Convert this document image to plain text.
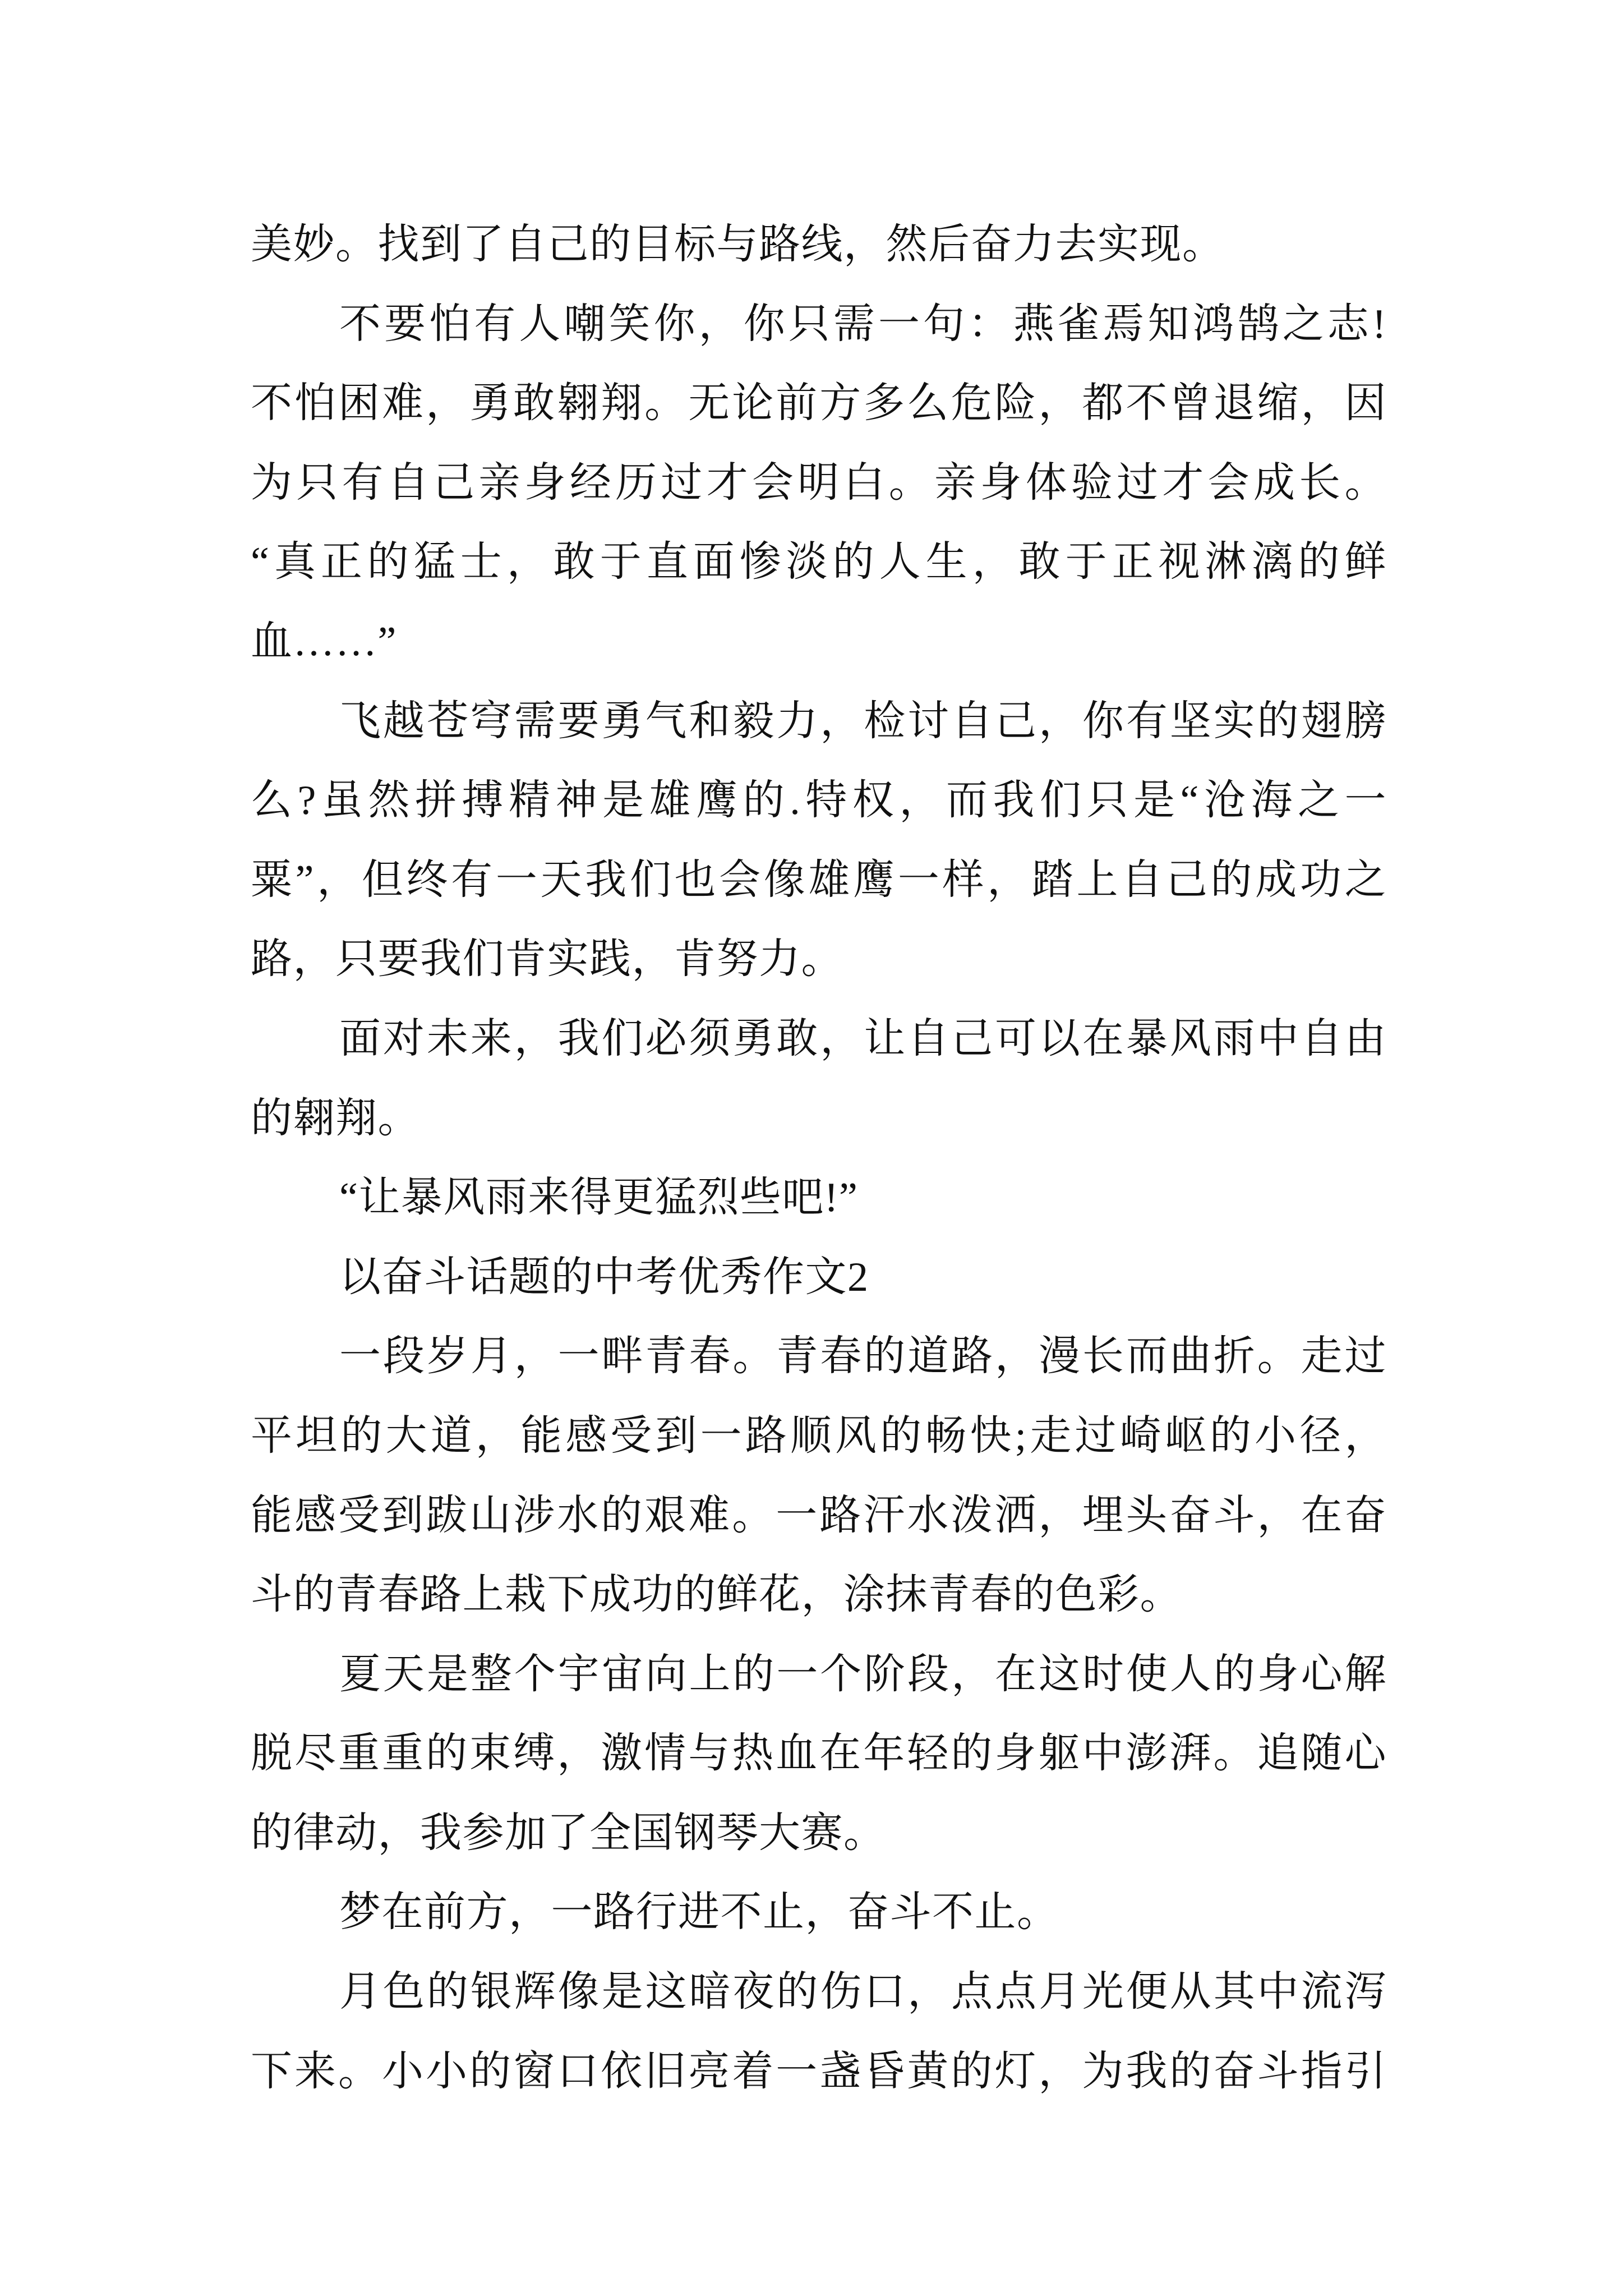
美妙。找到了自己的目标与路线，然后奋力去实现。
不要怕有人嘲笑你，你只需一句：燕雀焉知鸿鹄之志!
不怕困难，勇敢翱翔。无论前方多么危险，都不曾退缩，因
为只有自己亲身经历过才会明白。亲身体验过才会成长。
“真正的猛士，敢于直面惨淡的人生，敢于正视淋漓的鲜
血……”
飞越苍穹需要勇气和毅力，检讨自己，你有坚实的翅膀
么?虽然拼搏精神是雄鹰的.特权，而我们只是“沧海之一
粟”，但终有一天我们也会像雄鹰一样，踏上自己的成功之
路，只要我们肯实践，肯努力。
面对未来，我们必须勇敢，让自己可以在暴风雨中自由
的翱翔。
“让暴风雨来得更猛烈些吧!”
以奋斗话题的中考优秀作文2
一段岁月，一畔青春。青春的道路，漫长而曲折。走过
平坦的大道，能感受到一路顺风的畅快;走过崎岖的小径，
能感受到跋山涉水的艰难。一路汗水泼洒，埋头奋斗，在奋
斗的青春路上栽下成功的鲜花，涂抹青春的色彩。
夏天是整个宇宙向上的一个阶段，在这时使人的身心解
脱尽重重的束缚，激情与热血在年轻的身躯中澎湃。追随心
的律动，我参加了全国钢琴大赛。
梦在前方，一路行进不止，奋斗不止。
月色的银辉像是这暗夜的伤口，点点月光便从其中流泻
下来。小小的窗口依旧亮着一盏昏黄的灯，为我的奋斗指引
